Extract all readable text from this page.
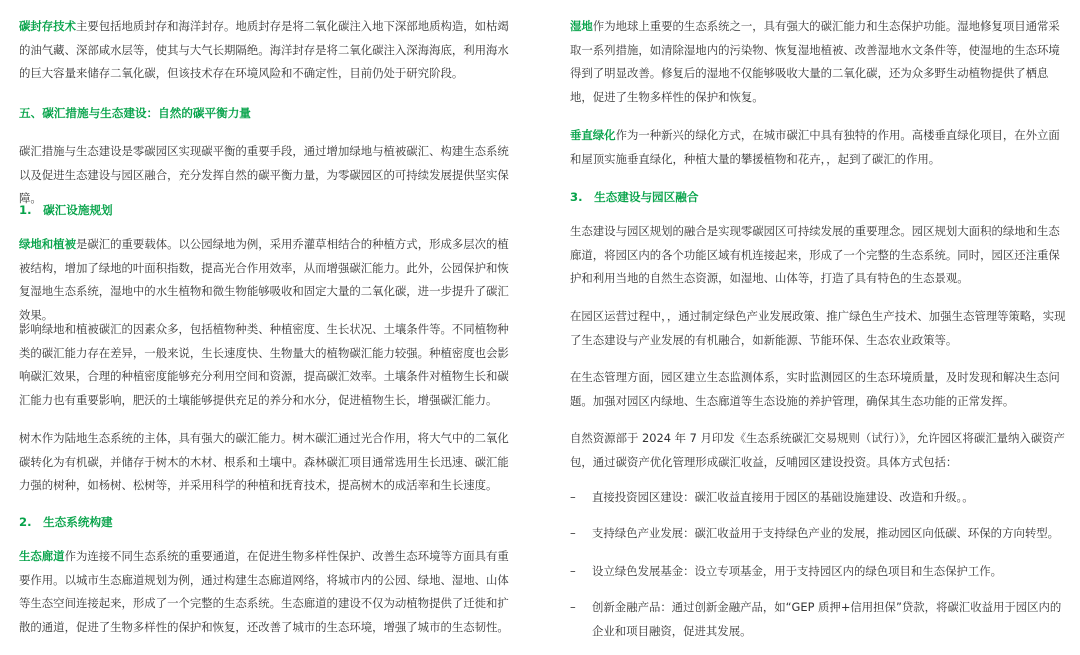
碳封存技术主要包括地质封存和海洋封存。地质封存是将二氧化碳注入地下深部地质构造，如枯竭的油气藏、深部咸水层等，使其与大气长期隔绝。海洋封存是将二氧化碳注入深海海底，利用海水的巨大容量来储存二氧化碳，但该技术存在环境风险和不确定性，目前仍处于研究阶段。

五、碳汇措施与生态建设：自然的碳平衡力量

碳汇措施与生态建设是零碳园区实现碳平衡的重要手段，通过增加绿地与植被碳汇、构建生态系统以及促进生态建设与园区融合，充分发挥自然的碳平衡力量，为零碳园区的可持续发展提供坚实保障。

1.　碳汇设施规划

绿地和植被是碳汇的重要载体。以公园绿地为例，采用乔灌草相结合的种植方式，形成多层次的植被结构，增加了绿地的叶面积指数，提高光合作用效率，从而增强碳汇能力。此外，公园保护和恢复湿地生态系统，湿地中的水生植物和微生物能够吸收和固定大量的二氧化碳，进一步提升了碳汇效果。

影响绿地和植被碳汇的因素众多，包括植物种类、种植密度、生长状况、土壤条件等。不同植物种类的碳汇能力存在差异，一般来说，生长速度快、生物量大的植物碳汇能力较强。种植密度也会影响碳汇效果，合理的种植密度能够充分利用空间和资源，提高碳汇效率。土壤条件对植物生长和碳汇能力也有重要影响，肥沃的土壤能够提供充足的养分和水分，促进植物生长，增强碳汇能力。

树木作为陆地生态系统的主体，具有强大的碳汇能力。树木碳汇通过光合作用，将大气中的二氧化碳转化为有机碳，并储存于树木的木材、根系和土壤中。森林碳汇项目通常选用生长迅速、碳汇能力强的树种，如杨树、松树等，并采用科学的种植和抚育技术，提高树木的成活率和生长速度。

2.　生态系统构建

生态廊道作为连接不同生态系统的重要通道，在促进生物多样性保护、改善生态环境等方面具有重要作用。以城市生态廊道规划为例，通过构建生态廊道网络，将城市内的公园、绿地、湿地、山体等生态空间连接起来，形成了一个完整的生态系统。生态廊道的建设不仅为动植物提供了迁徙和扩散的通道，促进了生物多样性的保护和恢复，还改善了城市的生态环境，增强了城市的生态韧性。

湿地作为地球上重要的生态系统之一，具有强大的碳汇能力和生态保护功能。湿地修复项目通常采取一系列措施，如清除湿地内的污染物、恢复湿地植被、改善湿地水文条件等，使湿地的生态环境得到了明显改善。修复后的湿地不仅能够吸收大量的二氧化碳，还为众多野生动植物提供了栖息地，促进了生物多样性的保护和恢复。

垂直绿化作为一种新兴的绿化方式，在城市碳汇中具有独特的作用。高楼垂直绿化项目，在外立面和屋顶实施垂直绿化，种植大量的攀援植物和花卉，，起到了碳汇的作用。

3.　生态建设与园区融合

生态建设与园区规划的融合是实现零碳园区可持续发展的重要理念。园区规划大面积的绿地和生态廊道，将园区内的各个功能区域有机连接起来，形成了一个完整的生态系统。同时，园区还注重保护和利用当地的自然生态资源，如湿地、山体等，打造了具有特色的生态景观。

在园区运营过程中，，通过制定绿色产业发展政策、推广绿色生产技术、加强生态管理等策略，实现了生态建设与产业发展的有机融合，如新能源、节能环保、生态农业政策等。

在生态管理方面，园区建立生态监测体系，实时监测园区的生态环境质量，及时发现和解决生态问题。加强对园区内绿地、生态廊道等生态设施的养护管理，确保其生态功能的正常发挥。

自然资源部于 2024 年 7 月印发《生态系统碳汇交易规则（试行）》，允许园区将碳汇量纳入碳资产包，通过碳资产优化管理形成碳汇收益，反哺园区建设投资。具体方式包括：

–	直接投资园区建设：碳汇收益直接用于园区的基础设施建设、改造和升级。。

–	支持绿色产业发展：碳汇收益用于支持绿色产业的发展，推动园区向低碳、环保的方向转型。

–	设立绿色发展基金：设立专项基金，用于支持园区内的绿色项目和生态保护工作。

–	创新金融产品：通过创新金融产品，如“GEP 质押+信用担保”贷款，将碳汇收益用于园区内的企业和项目融资，促进其发展。
